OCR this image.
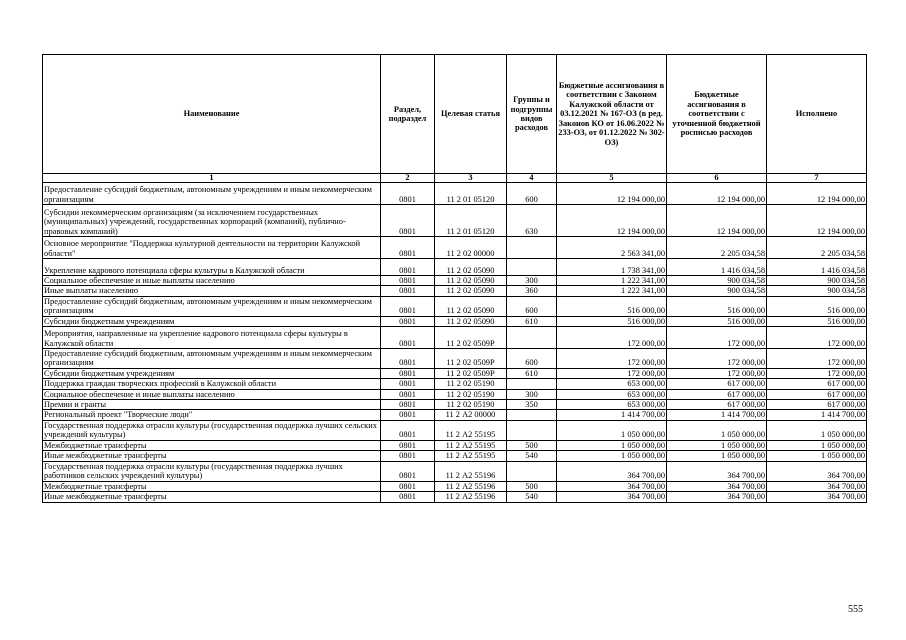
Наименование	Раздел, подраздел	Целевая статья	Группы и подгруппы видов расходов	Бюджетные ассигнования в соответствии с Законом Калужской области от 03.12.2021 № 167-ОЗ (в ред. Законов КО от 16.06.2022 № 233-ОЗ, от 01.12.2022 № 302-ОЗ)	Бюджетные ассигнования в соответствии с уточненной бюджетной росписью расходов	Исполнено
1	2	3	4	5	6	7
Предоставление субсидий бюджетным, автономным учреждениям и иным некоммерческим организациям	0801	11 2 01 05120	600	12 194 000,00	12 194 000,00	12 194 000,00
Субсидии некоммерческим организациям (за исключением государственных (муниципальных) учреждений, государственных корпораций (компаний), публично-правовых компаний)	0801	11 2 01 05120	630	12 194 000,00	12 194 000,00	12 194 000,00
Основное мероприятие "Поддержка культурной деятельности на территории Калужской области"	0801	11 2 02 00000		2 563 341,00	2 205 034,58	2 205 034,58
Укрепление кадрового потенциала сферы культуры в Калужской области	0801	11 2 02 05090		1 738 341,00	1 416 034,58	1 416 034,58
Социальное обеспечение и иные выплаты населению	0801	11 2 02 05090	300	1 222 341,00	900 034,58	900 034,58
Иные выплаты населению	0801	11 2 02 05090	360	1 222 341,00	900 034,58	900 034,58
Предоставление субсидий бюджетным, автономным учреждениям и иным некоммерческим организациям	0801	11 2 02 05090	600	516 000,00	516 000,00	516 000,00
Субсидии бюджетным учреждениям	0801	11 2 02 05090	610	516 000,00	516 000,00	516 000,00
Мероприятия, направленные на укрепление кадрового потенциала сферы культуры в Калужской области	0801	11 2 02 0509Р		172 000,00	172 000,00	172 000,00
Предоставление субсидий бюджетным, автономным учреждениям и иным некоммерческим организациям	0801	11 2 02 0509Р	600	172 000,00	172 000,00	172 000,00
Субсидии бюджетным учреждениям	0801	11 2 02 0509Р	610	172 000,00	172 000,00	172 000,00
Поддержка граждан творческих профессий в Калужской области	0801	11 2 02 05190		653 000,00	617 000,00	617 000,00
Социальное обеспечение и иные выплаты населению	0801	11 2 02 05190	300	653 000,00	617 000,00	617 000,00
Премии и гранты	0801	11 2 02 05190	350	653 000,00	617 000,00	617 000,00
Региональный проект "Творческие люди"	0801	11 2 А2 00000		1 414 700,00	1 414 700,00	1 414 700,00
Государственная поддержка отрасли культуры (государственная поддержка лучших сельских учреждений культуры)	0801	11 2 А2 55195		1 050 000,00	1 050 000,00	1 050 000,00
Межбюджетные трансферты	0801	11 2 А2 55195	500	1 050 000,00	1 050 000,00	1 050 000,00
Иные межбюджетные трансферты	0801	11 2 А2 55195	540	1 050 000,00	1 050 000,00	1 050 000,00
Государственная поддержка отрасли культуры (государственная поддержка лучших работников сельских учреждений культуры)	0801	11 2 А2 55196		364 700,00	364 700,00	364 700,00
Межбюджетные трансферты	0801	11 2 А2 55196	500	364 700,00	364 700,00	364 700,00
Иные межбюджетные трансферты	0801	11 2 А2 55196	540	364 700,00	364 700,00	364 700,00
555
